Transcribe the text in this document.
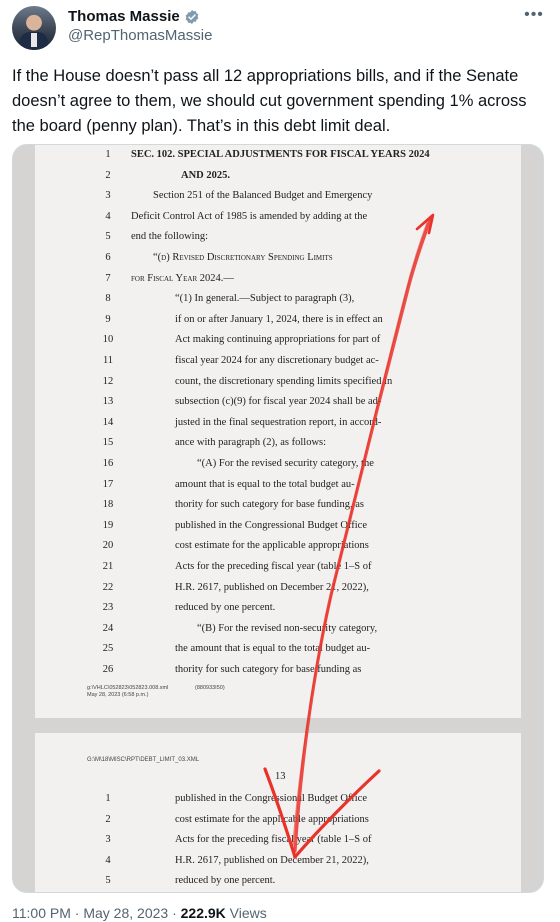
Thomas Massie
@RepThomasMassie
•••
If the House doesn’t pass all 12 appropriations bills, and if the Senate doesn’t agree to them, we should cut government spending 1% across the board (penny plan). That’s in this debt limit deal.
1	SEC. 102. SPECIAL ADJUSTMENTS FOR FISCAL YEARS 2024
2	AND 2025.
3	Section 251 of the Balanced Budget and Emergency
4	Deficit Control Act of 1985 is amended by adding at the
5	end the following:
6	“(d) Revised Discretionary Spending Limits
7	for Fiscal Year 2024.—
8	“(1) In general.—Subject to paragraph (3),
9	if on or after January 1, 2024, there is in effect an
10	Act making continuing appropriations for part of
11	fiscal year 2024 for any discretionary budget ac-
12	count, the discretionary spending limits specified in
13	subsection (c)(9) for fiscal year 2024 shall be ad-
14	justed in the final sequestration report, in accord-
15	ance with paragraph (2), as follows:
16	“(A) For the revised security category, the
17	amount that is equal to the total budget au-
18	thority for such category for base funding, as
19	published in the Congressional Budget Office
20	cost estimate for the applicable appropriations
21	Acts for the preceding fiscal year (table 1–S of
22	H.R. 2617, published on December 21, 2022),
23	reduced by one percent.
24	“(B) For the revised non-security category,
25	the amount that is equal to the total budget au-
26	thority for such category for base funding as
g:\VHLC\052823\052823.008.xml
May 28, 2023 (6:58 p.m.)
(880933I50)
G:\M\18\MISC\RPT\DEBT_LIMIT_03.XML
13
1	published in the Congressional Budget Office
2	cost estimate for the applicable appropriations
3	Acts for the preceding fiscal year (table 1–S of
4	H.R. 2617, published on December 21, 2022),
5	reduced by one percent.
11:00 PM · May 28, 2023 · 222.9K Views
